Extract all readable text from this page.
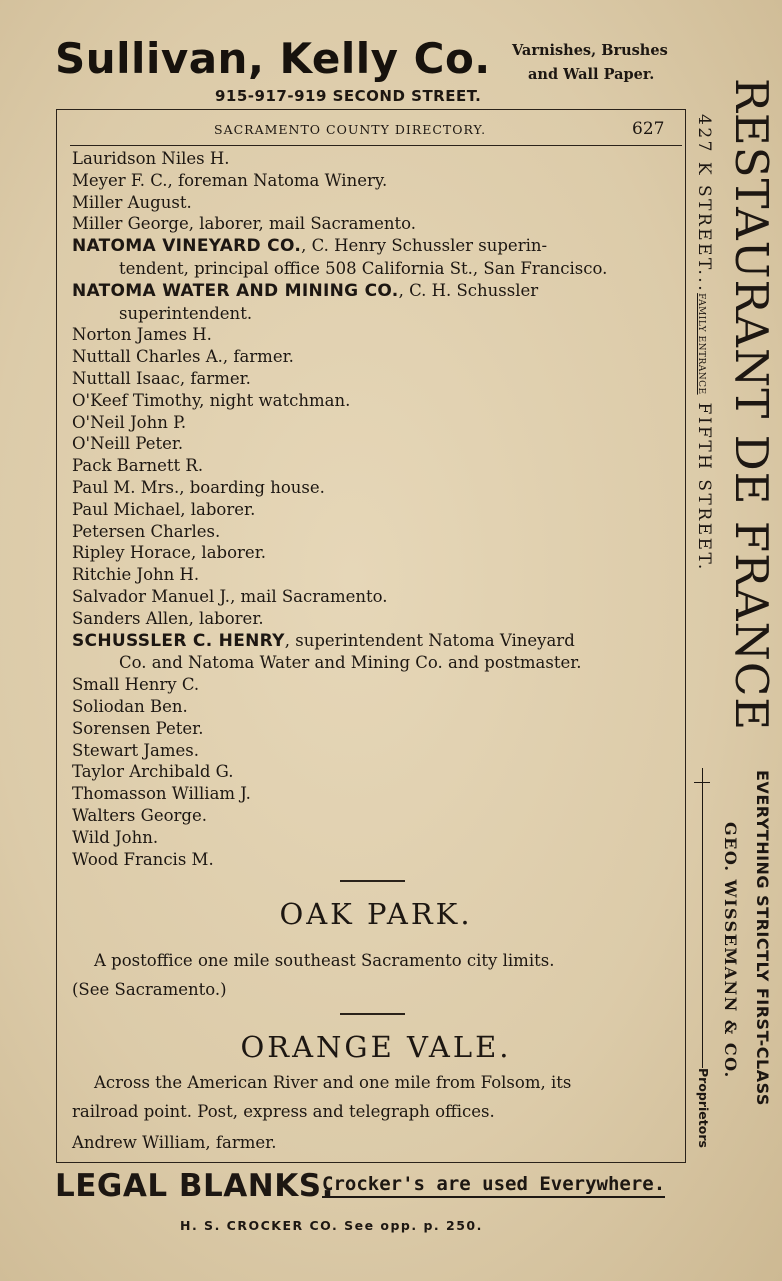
Sullivan, Kelly Co. Varnishes, Brushes
and Wall Paper.
915-917-919 SECOND STREET.
SACRAMENTO COUNTY DIRECTORY.	627
Lauridson Niles H.
Meyer F. C., foreman Natoma Winery.
Miller August.
Miller George, laborer, mail Sacramento.
NATOMA VINEYARD CO., C. Henry Schussler superin-
tendent, principal office 508 California St., San Francisco.
NATOMA WATER AND MINING CO., C. H. Schussler
superintendent.
Norton James H.
Nuttall Charles A., farmer.
Nuttall Isaac, farmer.
O'Keef Timothy, night watchman.
O'Neil John P.
O'Neill Peter.
Pack Barnett R.
Paul M. Mrs., boarding house.
Paul Michael, laborer.
Petersen Charles.
Ripley Horace, laborer.
Ritchie John H.
Salvador Manuel J., mail Sacramento.
Sanders Allen, laborer.
SCHUSSLER C. HENRY, superintendent Natoma Vineyard
Co. and Natoma Water and Mining Co. and postmaster.
Small Henry C.
Soliodan Ben.
Sorensen Peter.
Stewart James.
Taylor Archibald G.
Thomasson William J.
Walters George.
Wild John.
Wood Francis M.
OAK PARK.
A postoffice one mile southeast Sacramento city limits.
(See Sacramento.)
ORANGE VALE.
Across the American River and one mile from Folsom, its
railroad point. Post, express and telegraph offices.
Andrew William, farmer.
LEGAL BLANKS.
Crocker's are used Everywhere.
H. S. CROCKER CO. See opp. p. 250.
RESTAURANT DE FRANCE
427 K STREET...FAMILY ENTRANCE FIFTH STREET.
EVERYTHING STRICTLY FIRST-CLASS
GEO. WISSEMANN & CO.
Proprietors
